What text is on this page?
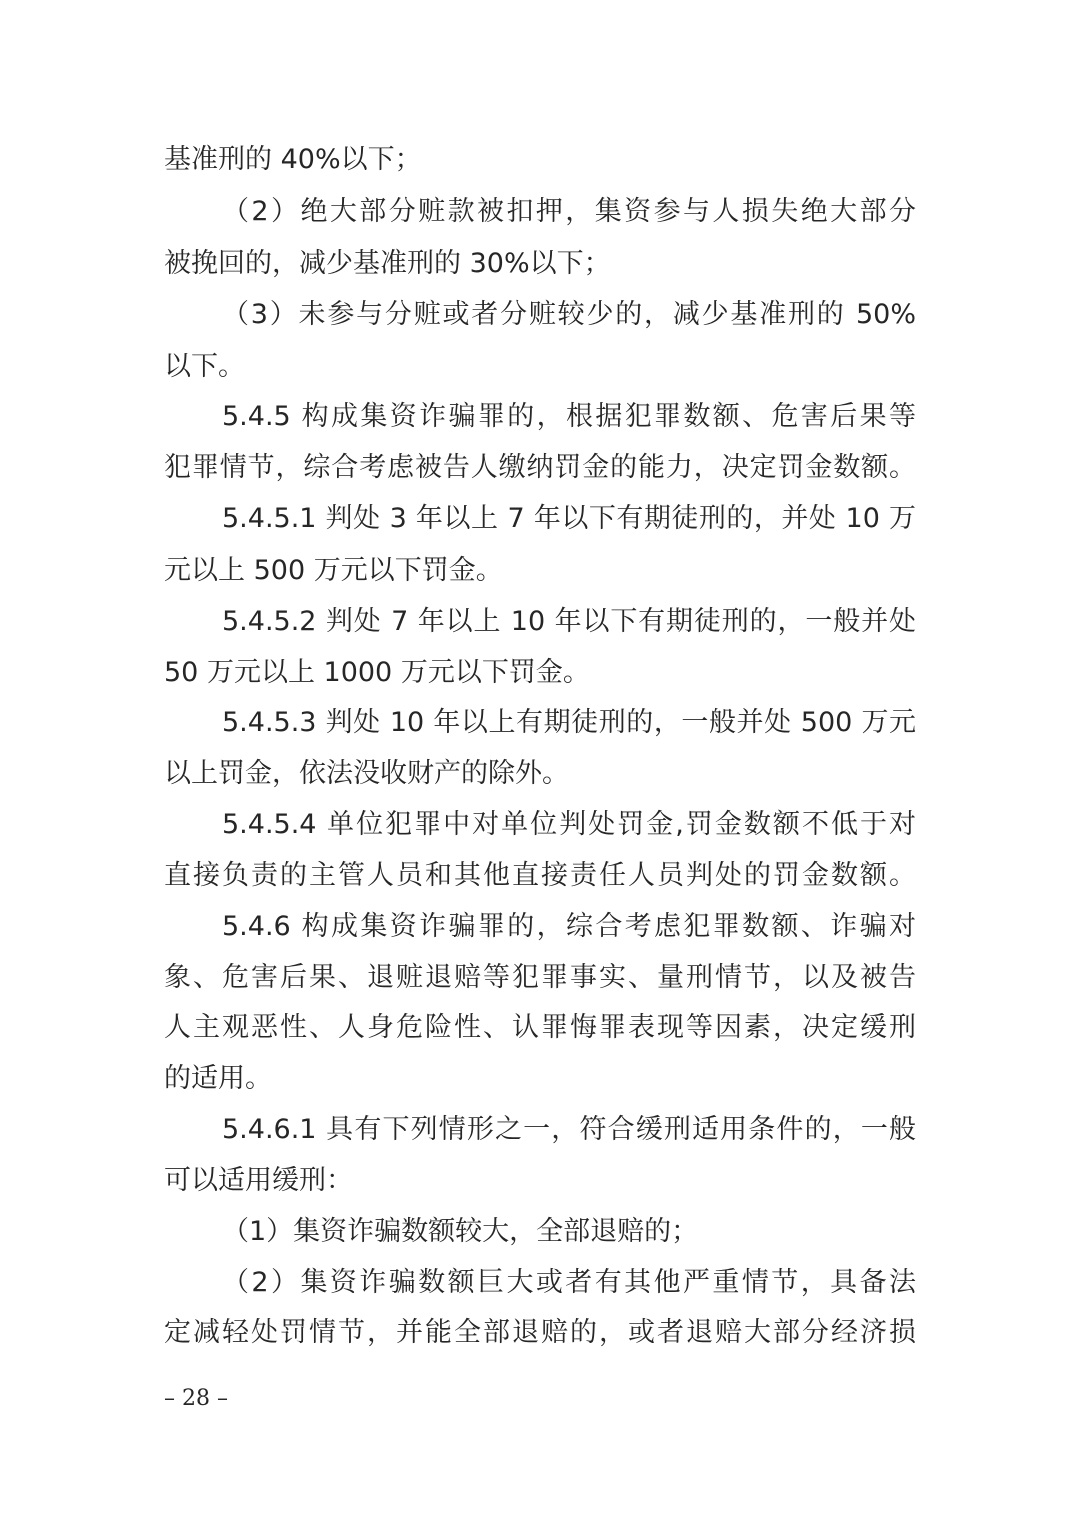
基准刑的 40%以下；
（2）绝大部分赃款被扣押，集资参与人损失绝大部分
被挽回的，减少基准刑的 30%以下；
（3）未参与分赃或者分赃较少的，减少基准刑的 50%
以下。
5.4.5 构成集资诈骗罪的，根据犯罪数额、危害后果等
犯罪情节，综合考虑被告人缴纳罚金的能力，决定罚金数额。
5.4.5.1 判处 3 年以上 7 年以下有期徒刑的，并处 10 万
元以上 500 万元以下罚金。
5.4.5.2 判处 7 年以上 10 年以下有期徒刑的，一般并处
50 万元以上 1000 万元以下罚金。
5.4.5.3 判处 10 年以上有期徒刑的，一般并处 500 万元
以上罚金，依法没收财产的除外。
5.4.5.4 单位犯罪中对单位判处罚金,罚金数额不低于对
直接负责的主管人员和其他直接责任人员判处的罚金数额。
5.4.6 构成集资诈骗罪的，综合考虑犯罪数额、诈骗对
象、危害后果、退赃退赔等犯罪事实、量刑情节，以及被告
人主观恶性、人身危险性、认罪悔罪表现等因素，决定缓刑
的适用。
5.4.6.1 具有下列情形之一，符合缓刑适用条件的，一般
可以适用缓刑：
（1）集资诈骗数额较大，全部退赔的；
（2）集资诈骗数额巨大或者有其他严重情节，具备法
定减轻处罚情节，并能全部退赔的，或者退赔大部分经济损
– 28 –
